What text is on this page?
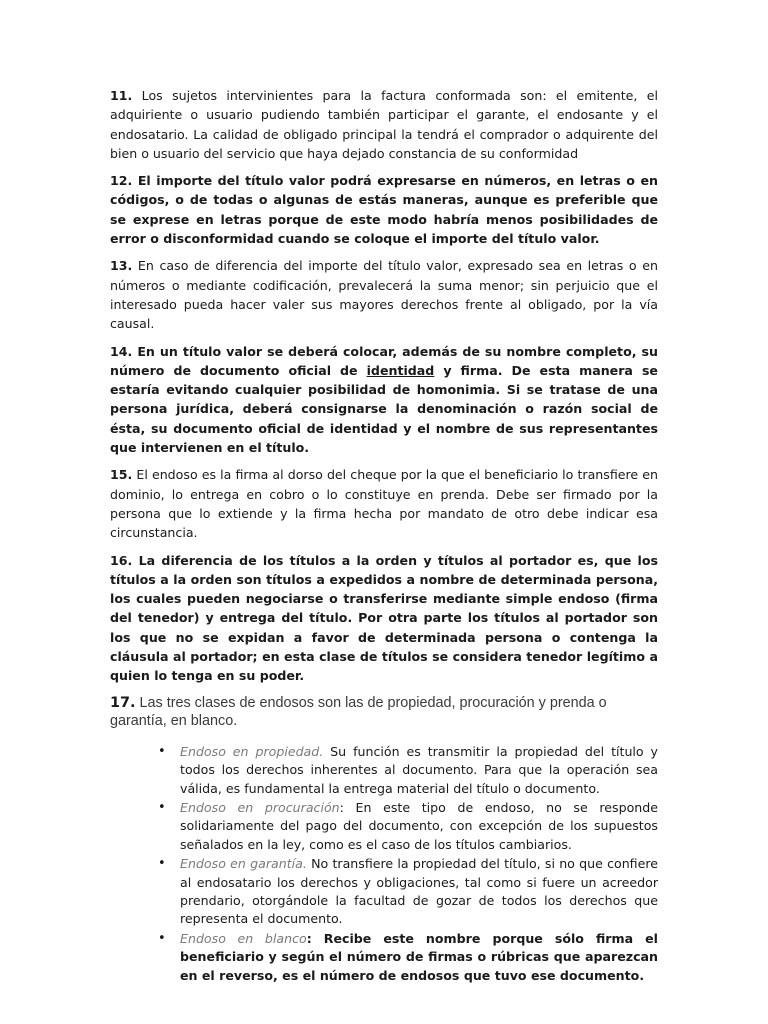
11. Los sujetos intervinientes para la factura conformada son: el emitente, el adquiriente o usuario pudiendo también participar el garante, el endosante y el endosatario. La calidad de obligado principal la tendrá el comprador o adquirente del bien o usuario del servicio que haya dejado constancia de su conformidad

12. El importe del título valor podrá expresarse en números, en letras o en códigos, o de todas o algunas de estás maneras, aunque es preferible que se exprese en letras porque de este modo habría menos posibilidades de error o disconformidad cuando se coloque el importe del título valor.

13. En caso de diferencia del importe del título valor, expresado sea en letras o en números o mediante codificación, prevalecerá la suma menor; sin perjuicio que el interesado pueda hacer valer sus mayores derechos frente al obligado, por la vía causal.

14. En un título valor se deberá colocar, además de su nombre completo, su número de documento oficial de identidad y firma. De esta manera se estaría evitando cualquier posibilidad de homonimia. Si se tratase de una persona jurídica, deberá consignarse la denominación o razón social de ésta, su documento oficial de identidad y el nombre de sus representantes que intervienen en el título.

15. El endoso es la firma al dorso del cheque por la que el beneficiario lo transfiere en dominio, lo entrega en cobro o lo constituye en prenda. Debe ser firmado por la persona que lo extiende y la firma hecha por mandato de otro debe indicar esa circunstancia.

16. La diferencia de los títulos a la orden y títulos al portador es, que los títulos a la orden son títulos a expedidos a nombre de determinada persona, los cuales pueden negociarse o transferirse mediante simple endoso (firma del tenedor) y entrega del título. Por otra parte los títulos al portador son los que no se expidan a favor de determinada persona o contenga la cláusula al portador; en esta clase de títulos se considera tenedor legítimo a quien lo tenga en su poder.

17. Las tres clases de endosos son las de propiedad, procuración y prenda o garantía, en blanco.

• Endoso en propiedad. Su función es transmitir la propiedad del título y todos los derechos inherentes al documento. Para que la operación sea válida, es fundamental la entrega material del título o documento.
• Endoso en procuración: En este tipo de endoso, no se responde solidariamente del pago del documento, con excepción de los supuestos señalados en la ley, como es el caso de los títulos cambiarios.
• Endoso en garantía. No transfiere la propiedad del título, si no que confiere al endosatario los derechos y obligaciones, tal como si fuere un acreedor prendario, otorgándole la facultad de gozar de todos los derechos que representa el documento.
• Endoso en blanco: Recibe este nombre porque sólo firma el beneficiario y según el número de firmas o rúbricas que aparezcan en el reverso, es el número de endosos que tuvo ese documento.
